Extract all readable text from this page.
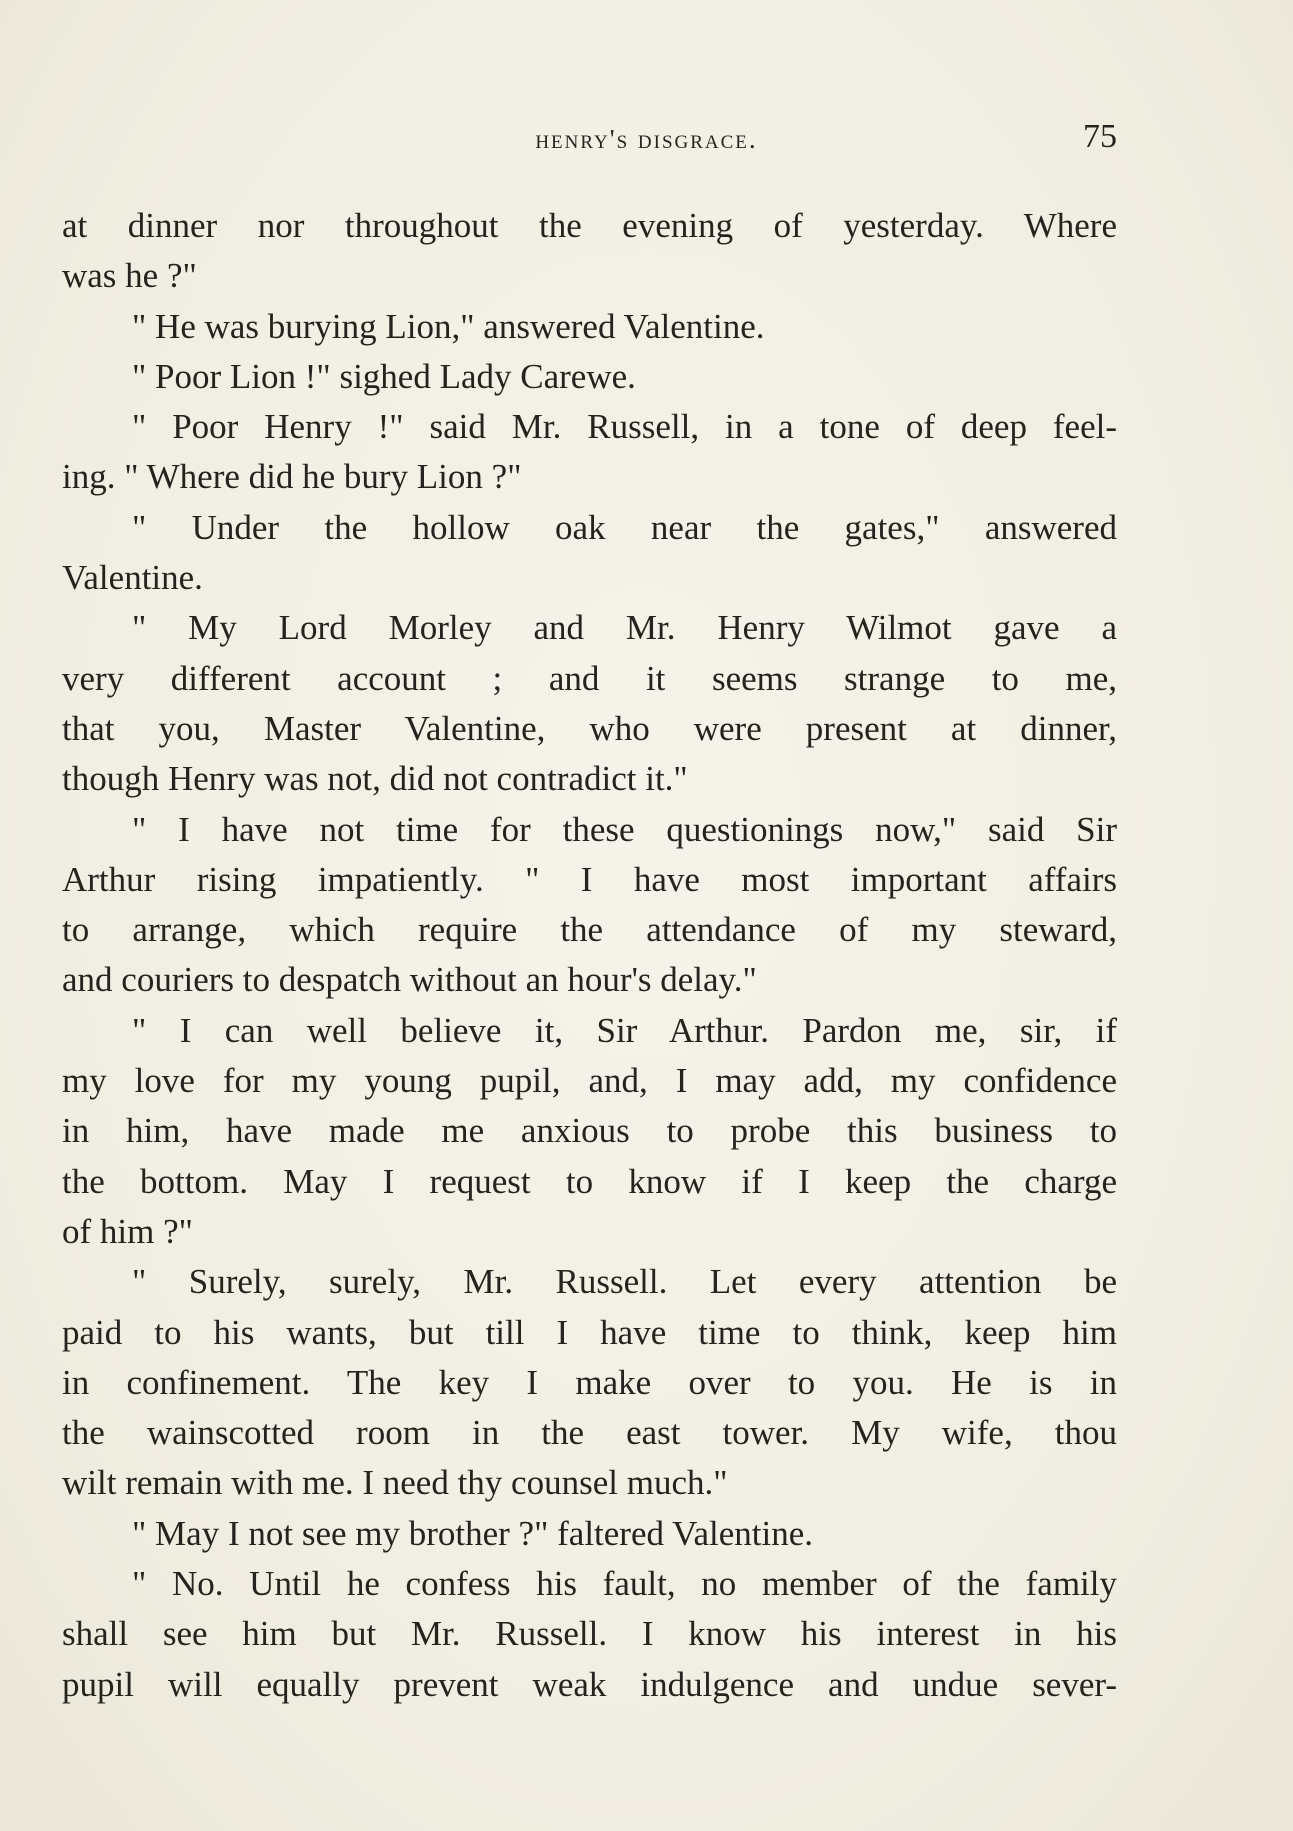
henry's disgrace.	75
at dinner nor throughout the evening of yesterday. Where
was he ?"
" He was burying Lion," answered Valentine.
" Poor Lion !" sighed Lady Carewe.
" Poor Henry !" said Mr. Russell, in a tone of deep feel-
ing. " Where did he bury Lion ?"
" Under the hollow oak near the gates," answered
Valentine.
" My Lord Morley and Mr. Henry Wilmot gave a
very different account ; and it seems strange to me,
that you, Master Valentine, who were present at dinner,
though Henry was not, did not contradict it."
" I have not time for these questionings now," said Sir
Arthur rising impatiently. " I have most important affairs
to arrange, which require the attendance of my steward,
and couriers to despatch without an hour's delay."
" I can well believe it, Sir Arthur. Pardon me, sir, if
my love for my young pupil, and, I may add, my confidence
in him, have made me anxious to probe this business to
the bottom. May I request to know if I keep the charge
of him ?"
" Surely, surely, Mr. Russell. Let every attention be
paid to his wants, but till I have time to think, keep him
in confinement. The key I make over to you. He is in
the wainscotted room in the east tower. My wife, thou
wilt remain with me. I need thy counsel much."
" May I not see my brother ?" faltered Valentine.
" No. Until he confess his fault, no member of the family
shall see him but Mr. Russell. I know his interest in his
pupil will equally prevent weak indulgence and undue sever-
